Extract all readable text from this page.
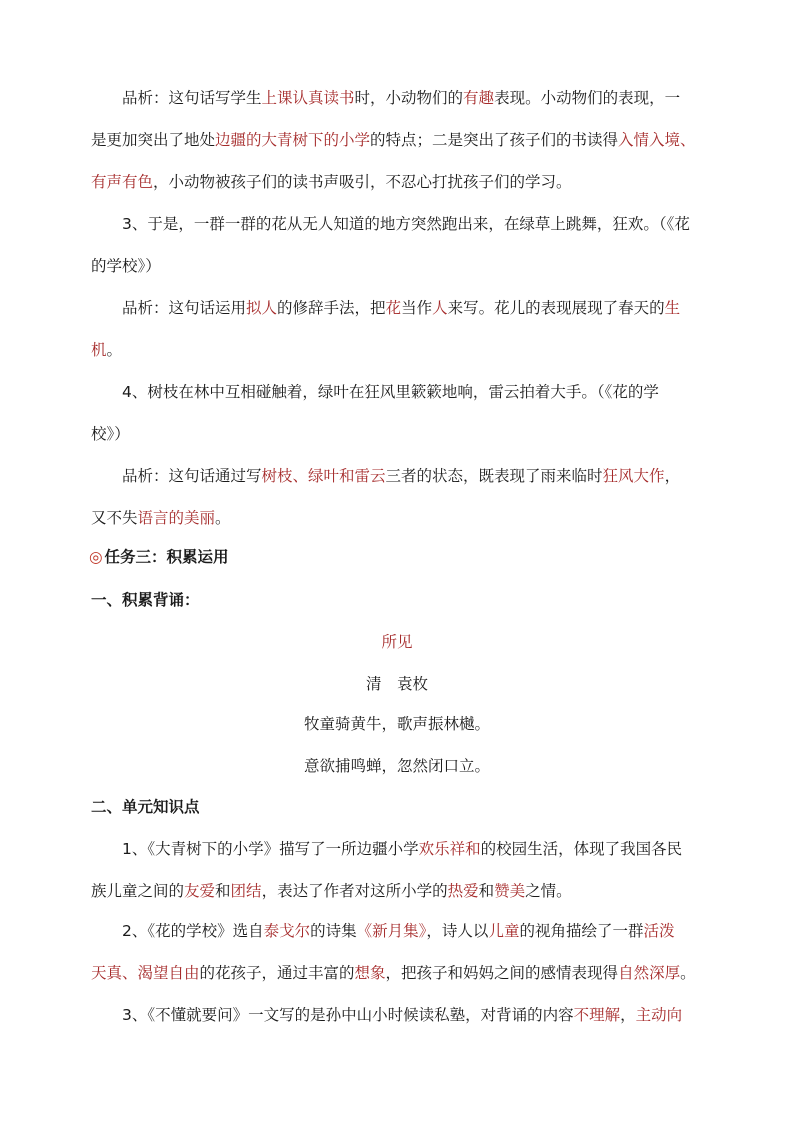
品析：这句话写学生上课认真读书时，小动物们的有趣表现。小动物们的表现，一
是更加突出了地处边疆的大青树下的小学的特点；二是突出了孩子们的书读得入情入境、
有声有色，小动物被孩子们的读书声吸引，不忍心打扰孩子们的学习。
3、于是，一群一群的花从无人知道的地方突然跑出来，在绿草上跳舞，狂欢。（《花
的学校》）
品析：这句话运用拟人的修辞手法，把花当作人来写。花儿的表现展现了春天的生
机。
4、树枝在林中互相碰触着，绿叶在狂风里簌簌地响，雷云拍着大手。（《花的学
校》）
品析：这句话通过写树枝、绿叶和雷云三者的状态，既表现了雨来临时狂风大作，
又不失语言的美丽。
◎ 任务三：积累运用
一、积累背诵：
所见
清　袁枚
牧童骑黄牛，歌声振林樾。
意欲捕鸣蝉，忽然闭口立。
二、单元知识点
1、《大青树下的小学》描写了一所边疆小学欢乐祥和的校园生活，体现了我国各民
族儿童之间的友爱和团结，表达了作者对这所小学的热爱和赞美之情。
2、《花的学校》选自泰戈尔的诗集《新月集》，诗人以儿童的视角描绘了一群活泼
天真、渴望自由的花孩子，通过丰富的想象，把孩子和妈妈之间的感情表现得自然深厚。
3、《不懂就要问》一文写的是孙中山小时候读私塾，对背诵的内容不理解，主动向
